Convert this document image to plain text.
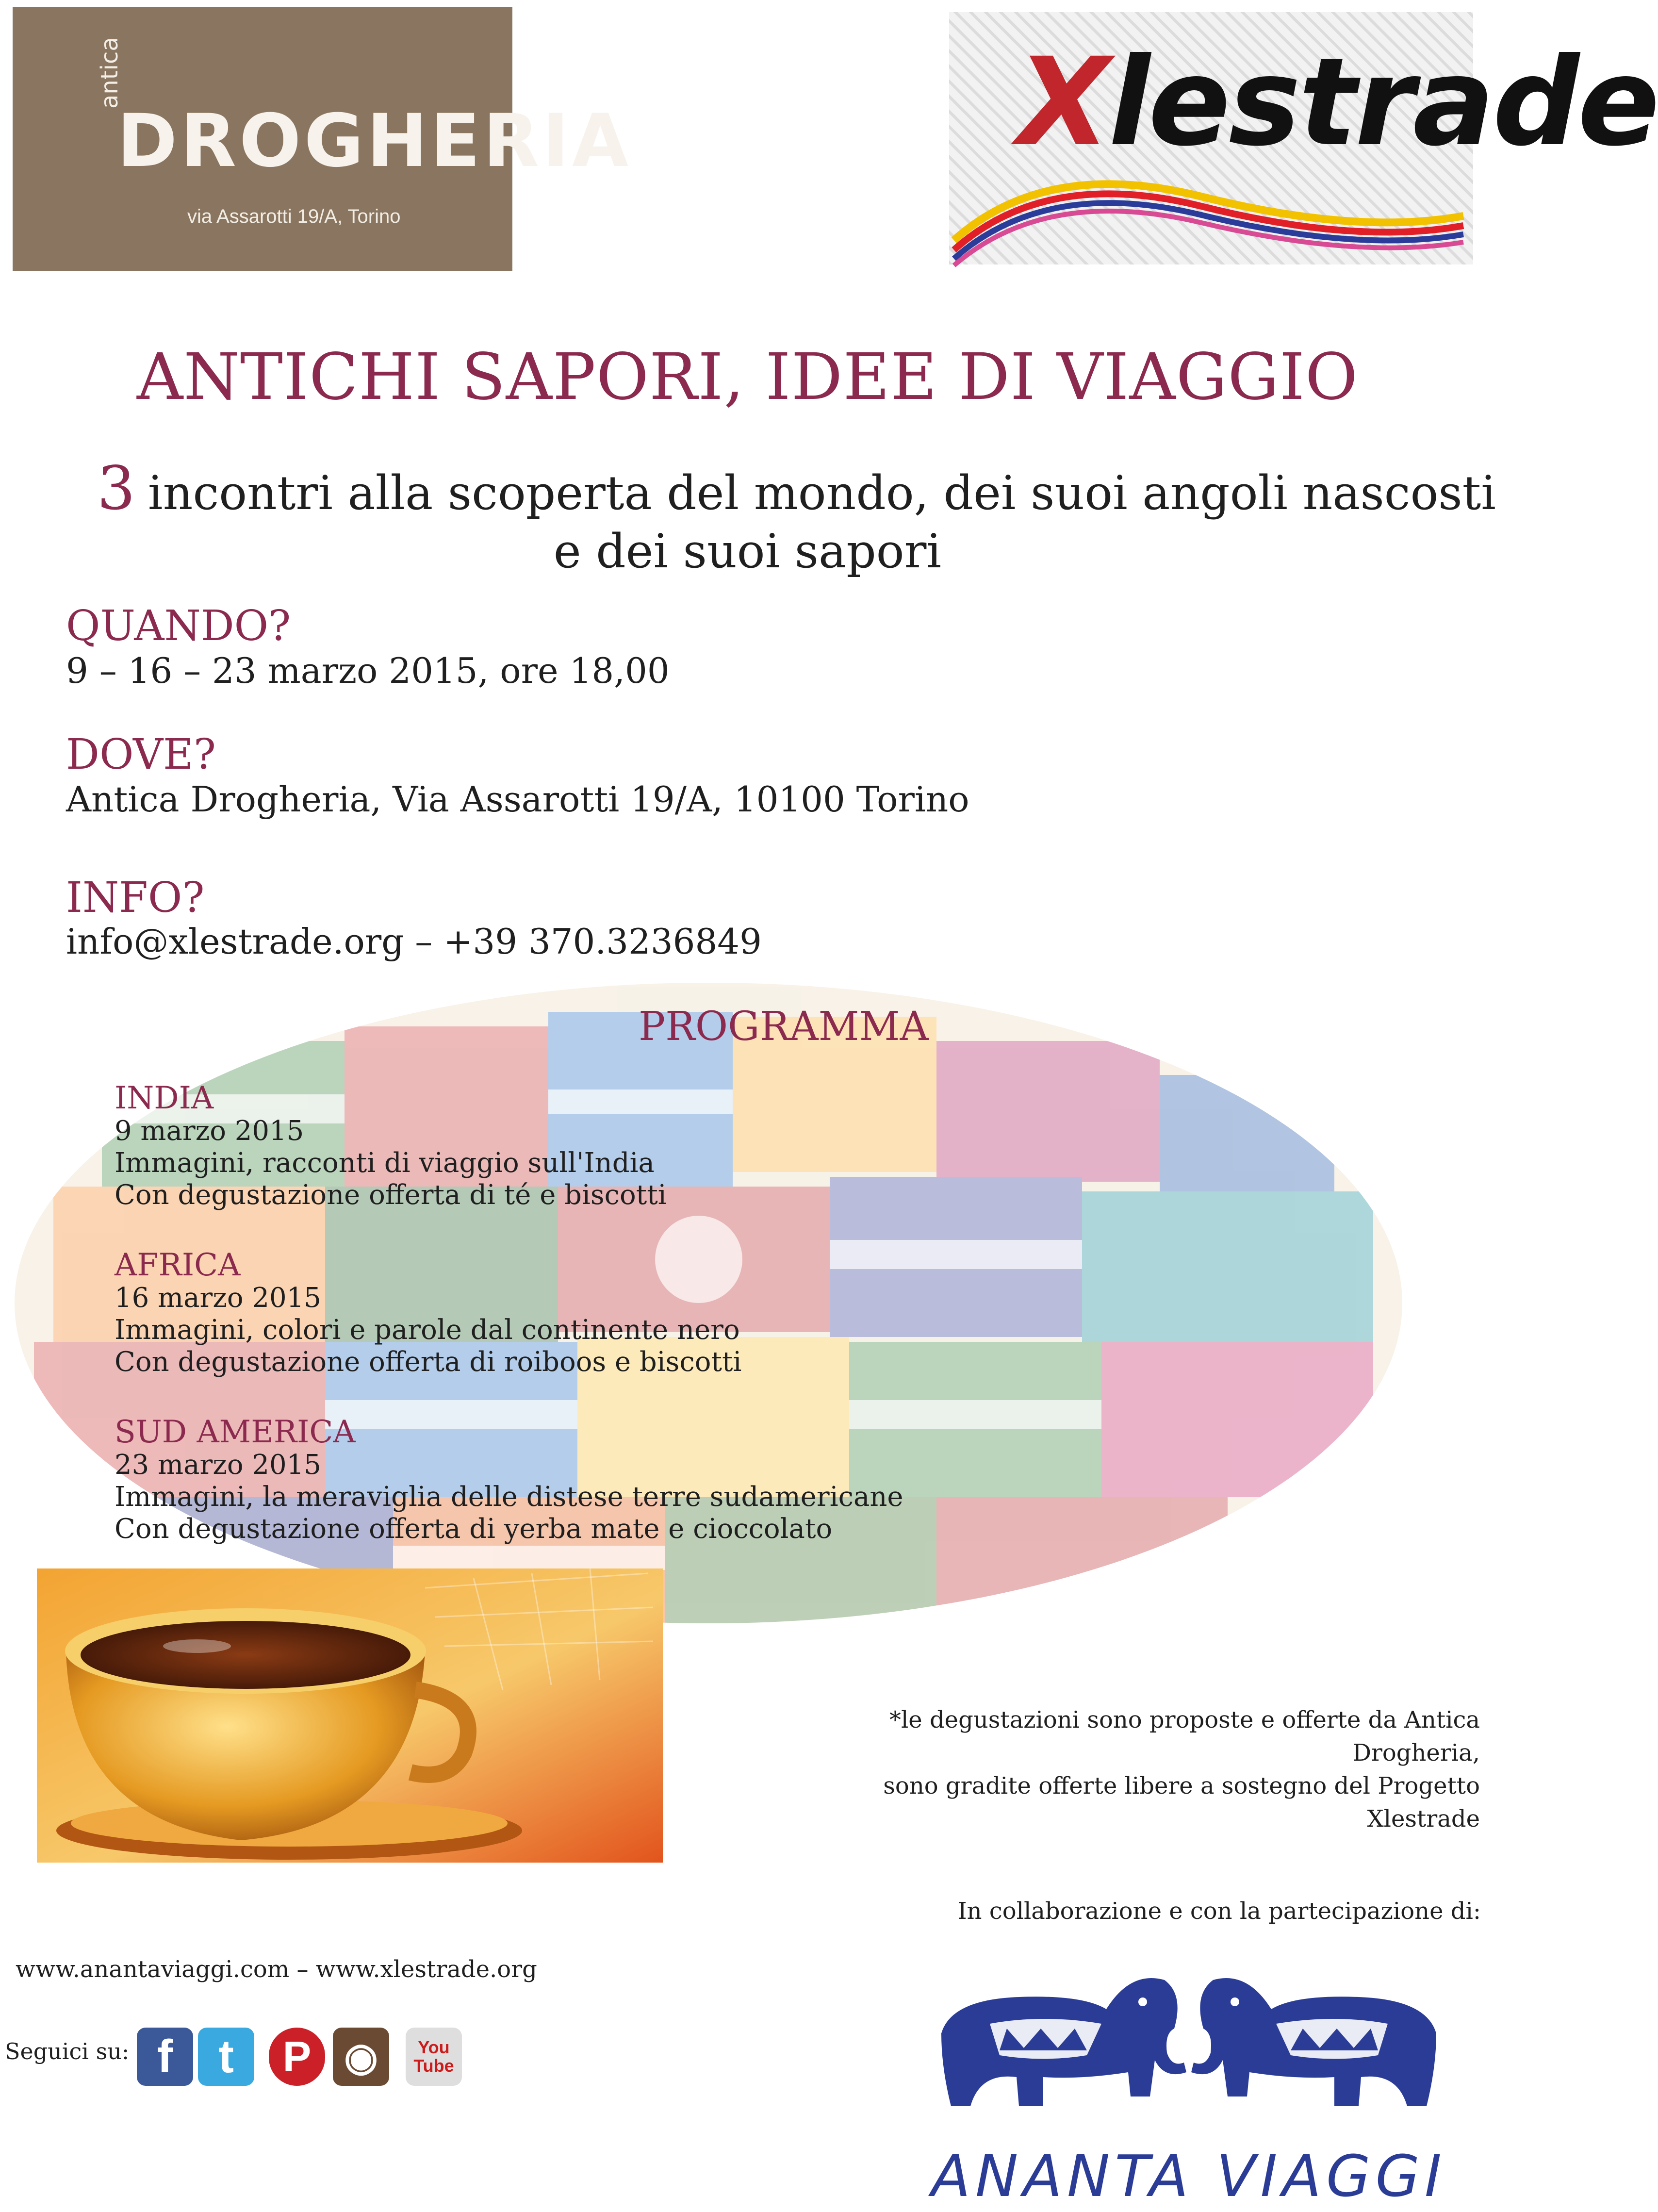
antica
DROGHERIA
via Assarotti 19/A, Torino
Xlestrade
ANTICHI SAPORI, IDEE DI VIAGGIO
3 incontri alla scoperta del mondo, dei suoi angoli nascosti
e dei suoi sapori
QUANDO?
9 – 16 – 23 marzo 2015, ore 18,00
DOVE?
Antica Drogheria, Via Assarotti 19/A, 10100 Torino
INFO?
info@xlestrade.org – +39 370.3236849
PROGRAMMA
INDIA
9 marzo 2015
Immagini, racconti di viaggio sull'India
Con degustazione offerta di té e biscotti
AFRICA
16 marzo 2015
Immagini, colori e parole dal continente nero
Con degustazione offerta di roiboos e biscotti
SUD AMERICA
23 marzo 2015
Immagini, la meraviglia delle distese terre sudamericane
Con degustazione offerta di yerba mate e cioccolato
*le degustazioni sono proposte e offerte da Antica Drogheria,
sono gradite offerte libere a sostegno del Progetto Xlestrade
In collaborazione e con la partecipazione di:
www.anantaviaggi.com – www.xlestrade.org
Seguici su: f t	P ◉	You Tube
ANANTA VIAGGI
